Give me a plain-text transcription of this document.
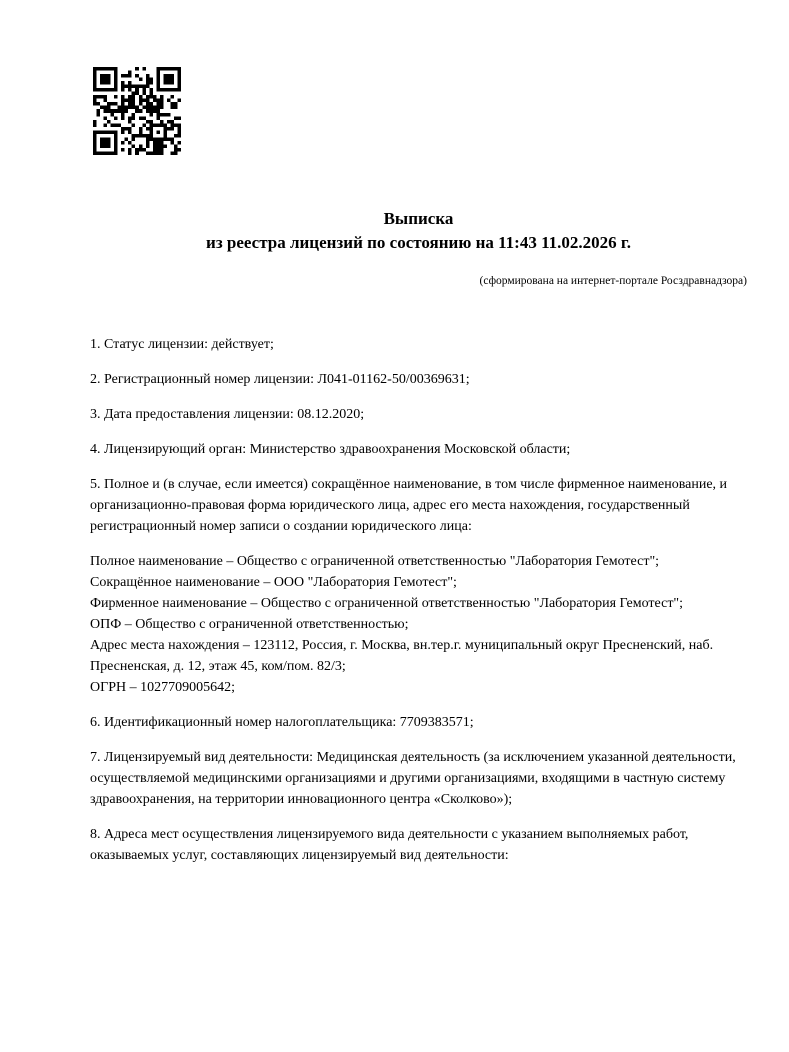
Выписка
из реестра лицензий по состоянию на 11:43 11.02.2026 г.
(сформирована на интернет-портале Росздравнадзора)

1. Статус лицензии: действует;

2. Регистрационный номер лицензии: Л041-01162-50/00369631;

3. Дата предоставления лицензии: 08.12.2020;

4. Лицензирующий орган: Министерство здравоохранения Московской области;

5. Полное и (в случае, если имеется) сокращённое наименование, в том числе фирменное наименование, и организационно-правовая форма юридического лица, адрес его места нахождения, государственный регистрационный номер записи о создании юридического лица:

Полное наименование – Общество с ограниченной ответственностью "Лаборатория Гемотест";
Сокращённое наименование – ООО "Лаборатория Гемотест";
Фирменное наименование – Общество с ограниченной ответственностью "Лаборатория Гемотест";
ОПФ – Общество с ограниченной ответственностью;
Адрес места нахождения – 123112, Россия, г. Москва, вн.тер.г. муниципальный округ Пресненский, наб. Пресненская, д. 12, этаж 45, ком/пом. 82/3;
ОГРН – 1027709005642;

6. Идентификационный номер налогоплательщика: 7709383571;

7. Лицензируемый вид деятельности: Медицинская деятельность (за исключением указанной деятельности, осуществляемой медицинскими организациями и другими организациями, входящими в частную систему здравоохранения, на территории инновационного центра «Сколково»);

8. Адреса мест осуществления лицензируемого вида деятельности с указанием выполняемых работ, оказываемых услуг, составляющих лицензируемый вид деятельности:
